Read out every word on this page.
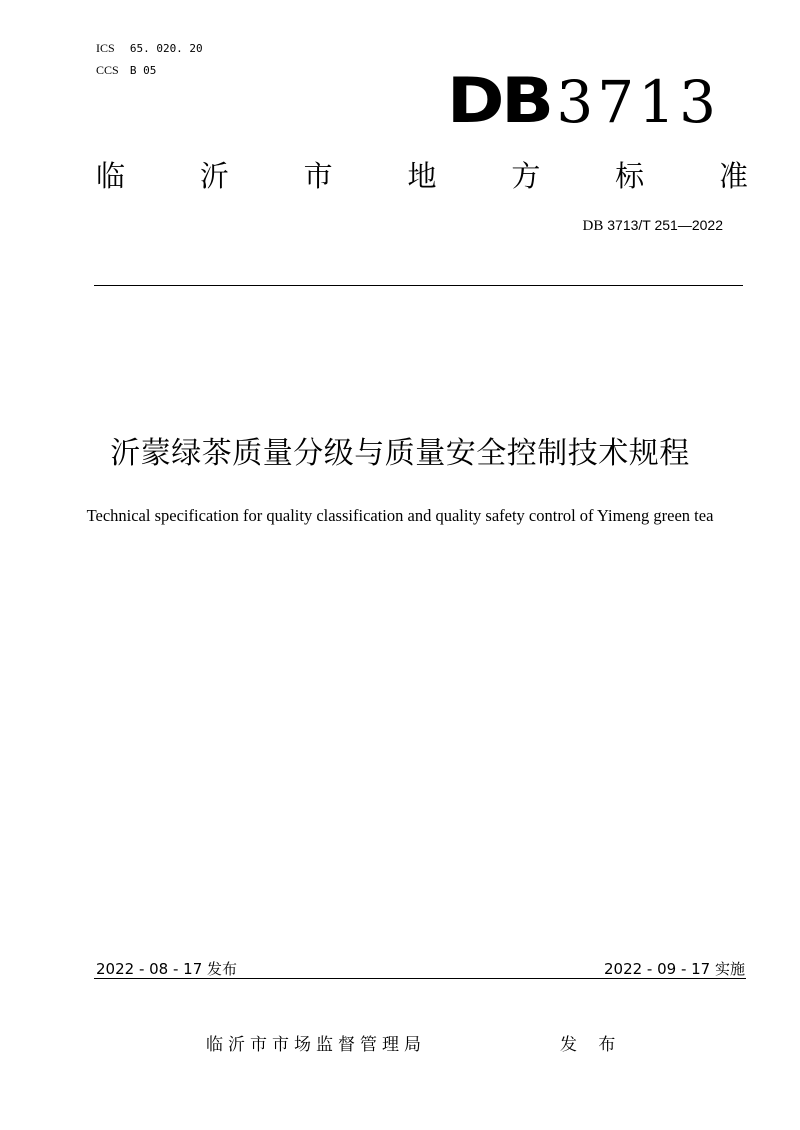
ICS 65. 020. 20
CCS B 05	DB 3713
临	沂	市	地	方	标	准
DB 3713/T 251—2022
沂蒙绿茶质量分级与质量安全控制技术规程
Technical specification for quality classification and quality safety control of Yimeng green tea
2022 - 08 - 17 发布	2022 - 09 - 17 实施
临沂市市场监督管理局	发 布
